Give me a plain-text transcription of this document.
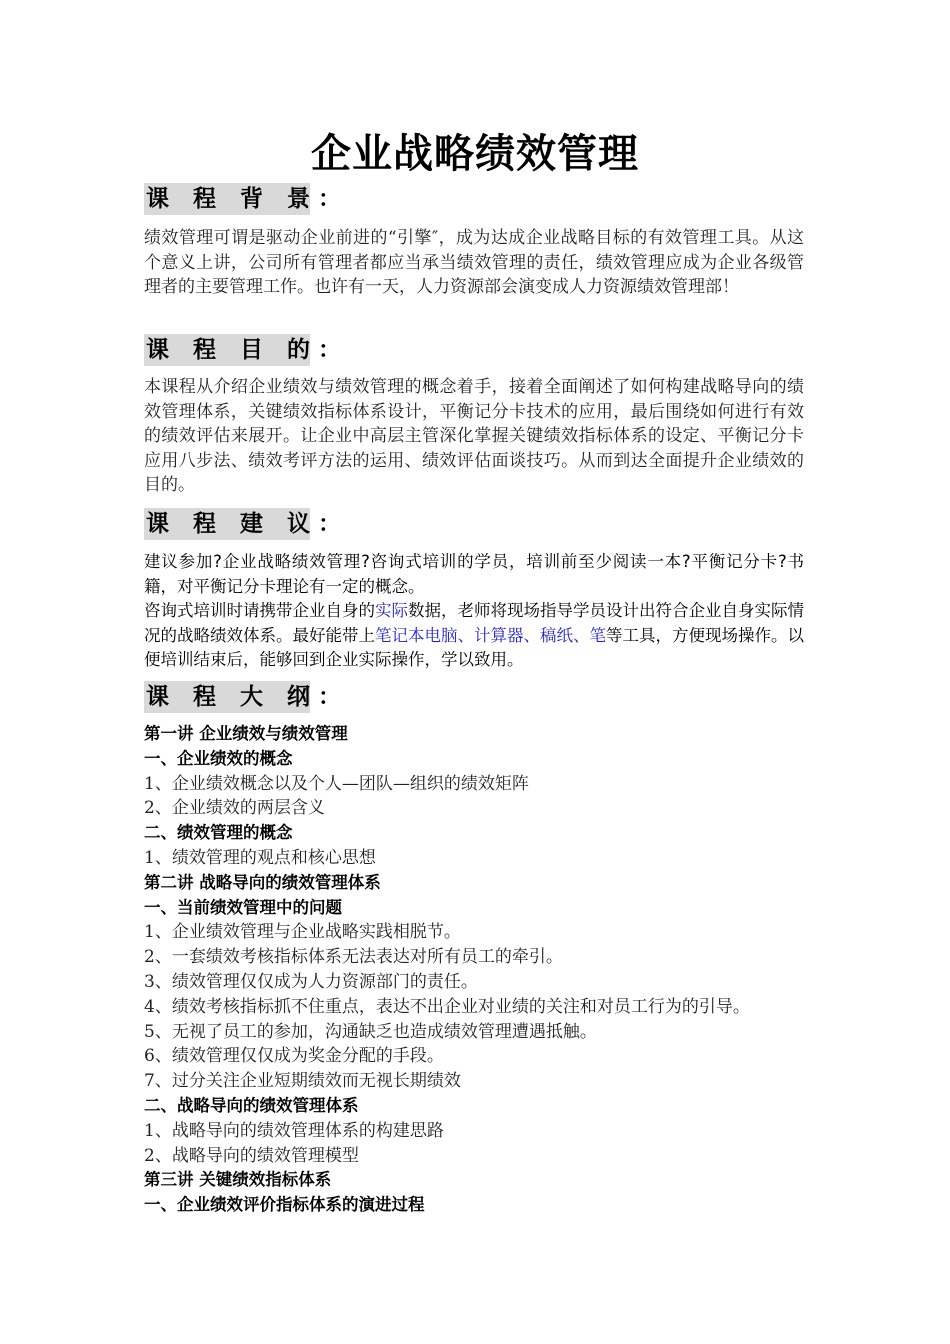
企业战略绩效管理
课 程 背 景：
绩效管理可谓是驱动企业前进的“引擎″，成为达成企业战略目标的有效管理工具。从这个意义上讲，公司所有管理者都应当承当绩效管理的责任，绩效管理应成为企业各级管理者的主要管理工作。也许有一天，人力资源部会演变成人力资源绩效管理部！
课 程 目 的：
本课程从介绍企业绩效与绩效管理的概念着手，接着全面阐述了如何构建战略导向的绩效管理体系，关键绩效指标体系设计，平衡记分卡技术的应用，最后围绕如何进行有效的绩效评估来展开。让企业中高层主管深化掌握关键绩效指标体系的设定、平衡记分卡应用八步法、绩效考评方法的运用、绩效评估面谈技巧。从而到达全面提升企业绩效的目的。
课 程 建 议：
建议参加?企业战略绩效管理?咨询式培训的学员，培训前至少阅读一本?平衡记分卡?书籍，对平衡记分卡理论有一定的概念。
咨询式培训时请携带企业自身的实际数据，老师将现场指导学员设计出符合企业自身实际情况的战略绩效体系。最好能带上笔记本电脑、计算器、稿纸、笔等工具，方便现场操作。以便培训结束后，能够回到企业实际操作，学以致用。
课 程 大 纲：
第一讲 企业绩效与绩效管理
一、企业绩效的概念
1、企业绩效概念以及个人—团队—组织的绩效矩阵
2、企业绩效的两层含义
二、绩效管理的概念
1、绩效管理的观点和核心思想
第二讲 战略导向的绩效管理体系
一、当前绩效管理中的问题
1、企业绩效管理与企业战略实践相脱节。
2、一套绩效考核指标体系无法表达对所有员工的牵引。
3、绩效管理仅仅成为人力资源部门的责任。
4、绩效考核指标抓不住重点，表达不出企业对业绩的关注和对员工行为的引导。
5、无视了员工的参加，沟通缺乏也造成绩效管理遭遇抵触。
6、绩效管理仅仅成为奖金分配的手段。
7、过分关注企业短期绩效而无视长期绩效
二、战略导向的绩效管理体系
1、战略导向的绩效管理体系的构建思路
2、战略导向的绩效管理模型
第三讲 关键绩效指标体系
一、企业绩效评价指标体系的演进过程
